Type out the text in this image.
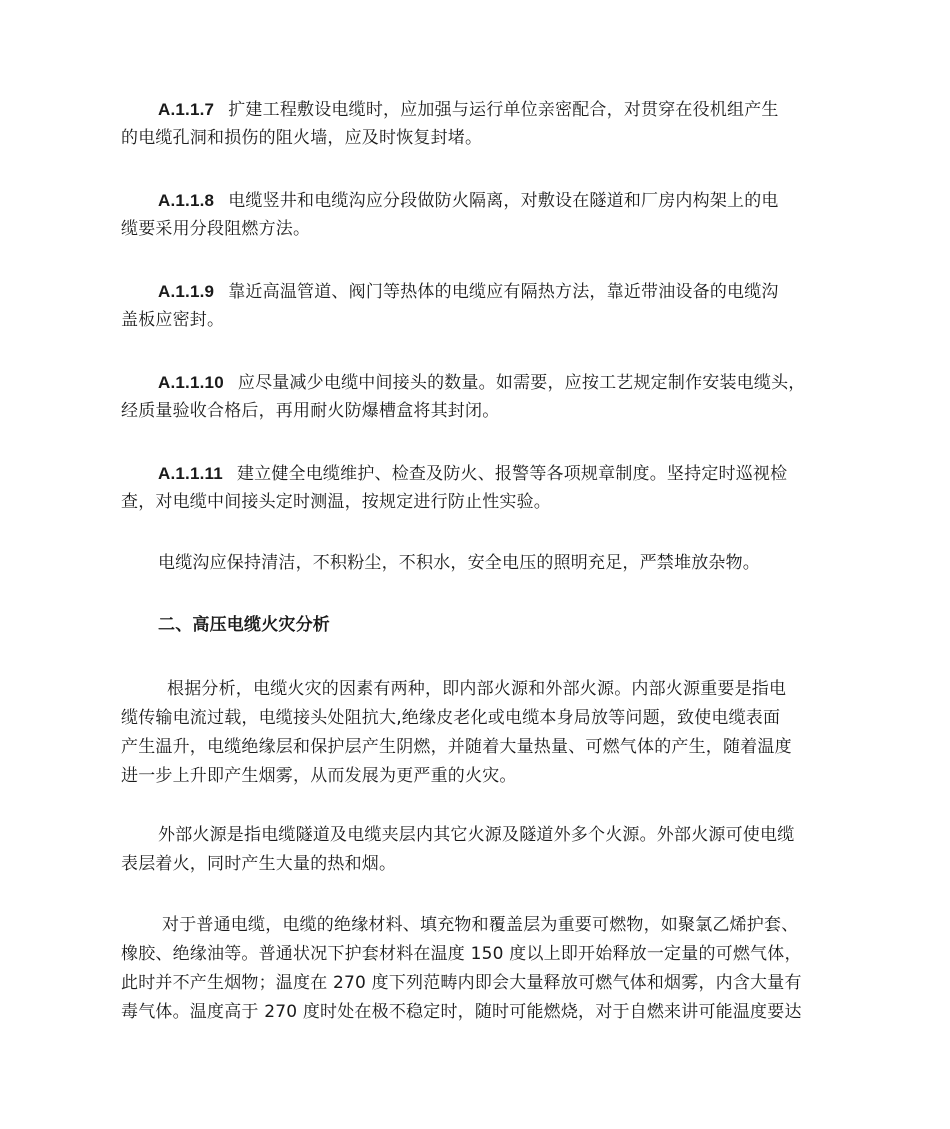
A.1.1.7 扩建工程敷设电缆时，应加强与运行单位亲密配合，对贯穿在役机组产生
的电缆孔洞和损伤的阻火墙，应及时恢复封堵。
A.1.1.8 电缆竖井和电缆沟应分段做防火隔离，对敷设在隧道和厂房内构架上的电
缆要采用分段阻燃方法。
A.1.1.9 靠近高温管道、阀门等热体的电缆应有隔热方法，靠近带油设备的电缆沟
盖板应密封。
A.1.1.10 应尽量减少电缆中间接头的数量。如需要，应按工艺规定制作安装电缆头，
经质量验收合格后，再用耐火防爆槽盒将其封闭。
A.1.1.11 建立健全电缆维护、检查及防火、报警等各项规章制度。坚持定时巡视检
查，对电缆中间接头定时测温，按规定进行防止性实验。
电缆沟应保持清洁，不积粉尘，不积水，安全电压的照明充足，严禁堆放杂物。
二、高压电缆火灾分析
根据分析，电缆火灾的因素有两种，即内部火源和外部火源。内部火源重要是指电
缆传输电流过载，电缆接头处阻抗大,绝缘皮老化或电缆本身局放等问题，致使电缆表面
产生温升，电缆绝缘层和保护层产生阴燃，并随着大量热量、可燃气体的产生，随着温度
进一步上升即产生烟雾，从而发展为更严重的火灾。
外部火源是指电缆隧道及电缆夹层内其它火源及隧道外多个火源。外部火源可使电缆
表层着火，同时产生大量的热和烟。
对于普通电缆，电缆的绝缘材料、填充物和覆盖层为重要可燃物，如聚氯乙烯护套、
橡胶、绝缘油等。普通状况下护套材料在温度 150 度以上即开始释放一定量的可燃气体，
此时并不产生烟物；温度在 270 度下列范畴内即会大量释放可燃气体和烟雾，内含大量有
毒气体。温度高于 270 度时处在极不稳定时，随时可能燃烧，对于自燃来讲可能温度要达
